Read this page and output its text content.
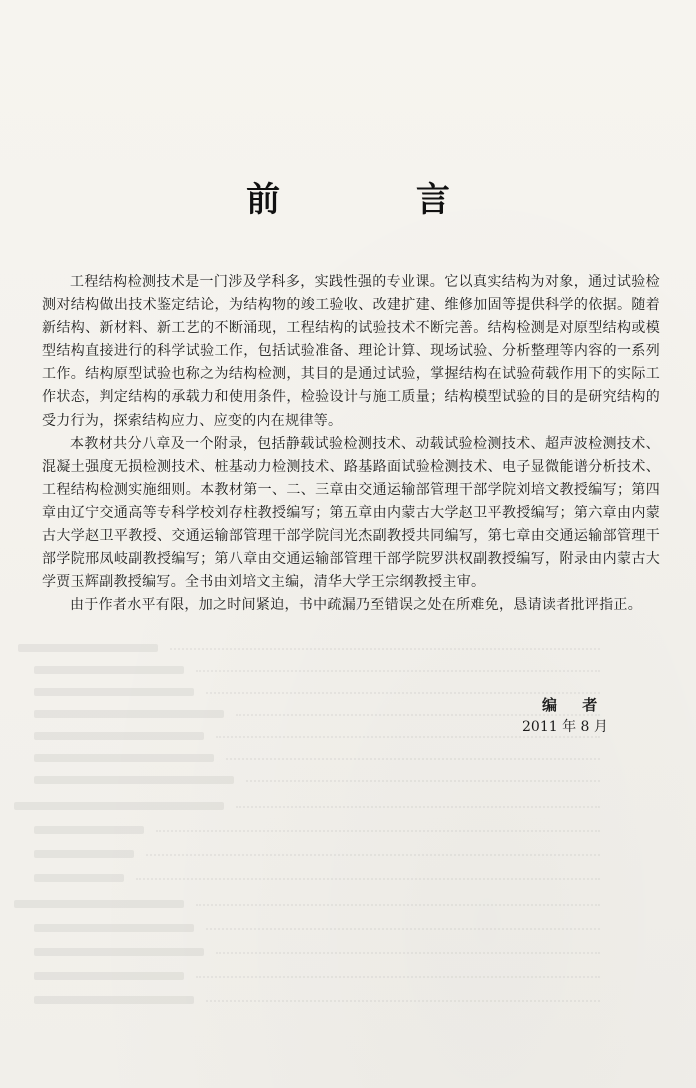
前 言

工程结构检测技术是一门涉及学科多，实践性强的专业课。它以真实结构为对象，通过试验检测对结构做出技术鉴定结论，为结构物的竣工验收、改建扩建、维修加固等提供科学的依据。随着新结构、新材料、新工艺的不断涌现，工程结构的试验技术不断完善。结构检测是对原型结构或模型结构直接进行的科学试验工作，包括试验准备、理论计算、现场试验、分析整理等内容的一系列工作。结构原型试验也称之为结构检测，其目的是通过试验，掌握结构在试验荷载作用下的实际工作状态，判定结构的承载力和使用条件，检验设计与施工质量；结构模型试验的目的是研究结构的受力行为，探索结构应力、应变的内在规律等。

本教材共分八章及一个附录，包括静载试验检测技术、动载试验检测技术、超声波检测技术、混凝土强度无损检测技术、桩基动力检测技术、路基路面试验检测技术、电子显微能谱分析技术、工程结构检测实施细则。本教材第一、二、三章由交通运输部管理干部学院刘培文教授编写；第四章由辽宁交通高等专科学校刘存柱教授编写；第五章由内蒙古大学赵卫平教授编写；第六章由内蒙古大学赵卫平教授、交通运输部管理干部学院闫光杰副教授共同编写，第七章由交通运输部管理干部学院邢凤岐副教授编写；第八章由交通运输部管理干部学院罗洪权副教授编写，附录由内蒙古大学贾玉辉副教授编写。全书由刘培文主编，清华大学王宗纲教授主审。

由于作者水平有限，加之时间紧迫，书中疏漏乃至错误之处在所难免，恳请读者批评指正。

编 者

2011 年 8 月
